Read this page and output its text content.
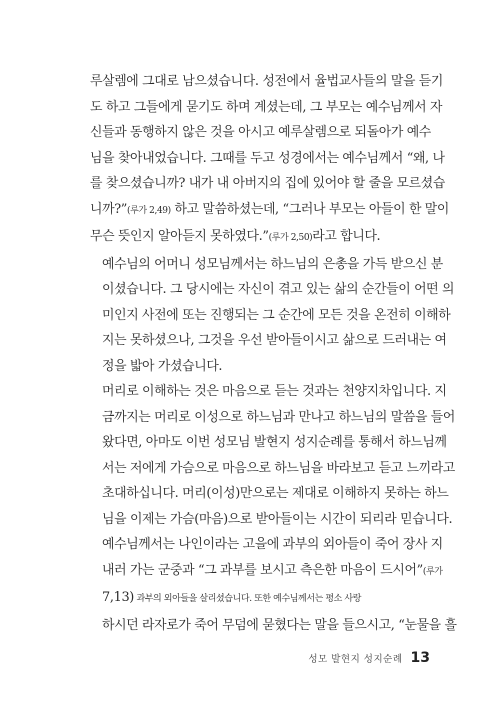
루살렘에 그대로 남으셨습니다. 성전에서 율법교사들의 말을 듣기
도 하고 그들에게 묻기도 하며 계셨는데, 그 부모는 예수님께서 자
신들과 동행하지 않은 것을 아시고 예루살렘으로 되돌아가 예수
님을 찾아내었습니다. 그때를 두고 성경에서는 예수님께서 “왜, 나
를 찾으셨습니까? 내가 내 아버지의 집에 있어야 할 줄을 모르셨습
니까?”(루가 2,49) 하고 말씀하셨는데, “그러나 부모는 아들이 한 말이
무슨 뜻인지 알아듣지 못하였다.”(루가 2,50)라고 합니다.

예수님의 어머니 성모님께서는 하느님의 은총을 가득 받으신 분
이셨습니다. 그 당시에는 자신이 겪고 있는 삶의 순간들이 어떤 의
미인지 사전에 또는 진행되는 그 순간에 모든 것을 온전히 이해하
지는 못하셨으나, 그것을 우선 받아들이시고 삶으로 드러내는 여
정을 밟아 가셨습니다.

머리로 이해하는 것은 마음으로 듣는 것과는 천양지차입니다. 지
금까지는 머리로 이성으로 하느님과 만나고 하느님의 말씀을 들어
왔다면, 아마도 이번 성모님 발현지 성지순례를 통해서 하느님께
서는 저에게 가슴으로 마음으로 하느님을 바라보고 듣고 느끼라고
초대하십니다. 머리(이성)만으로는 제대로 이해하지 못하는 하느
님을 이제는 가슴(마음)으로 받아들이는 시간이 되리라 믿습니다.

예수님께서는 나인이라는 고을에 과부의 외아들이 죽어 장사 지
내러 가는 군중과 “그 과부를 보시고 측은한 마음이 드시어”(루가
7,13) 과부의 외아들을 살리셨습니다. 또한 예수님께서는 평소 사랑
하시던 라자로가 죽어 무덤에 묻혔다는 말을 들으시고, “눈물을 흘

성모 발현지 성지순례 13
